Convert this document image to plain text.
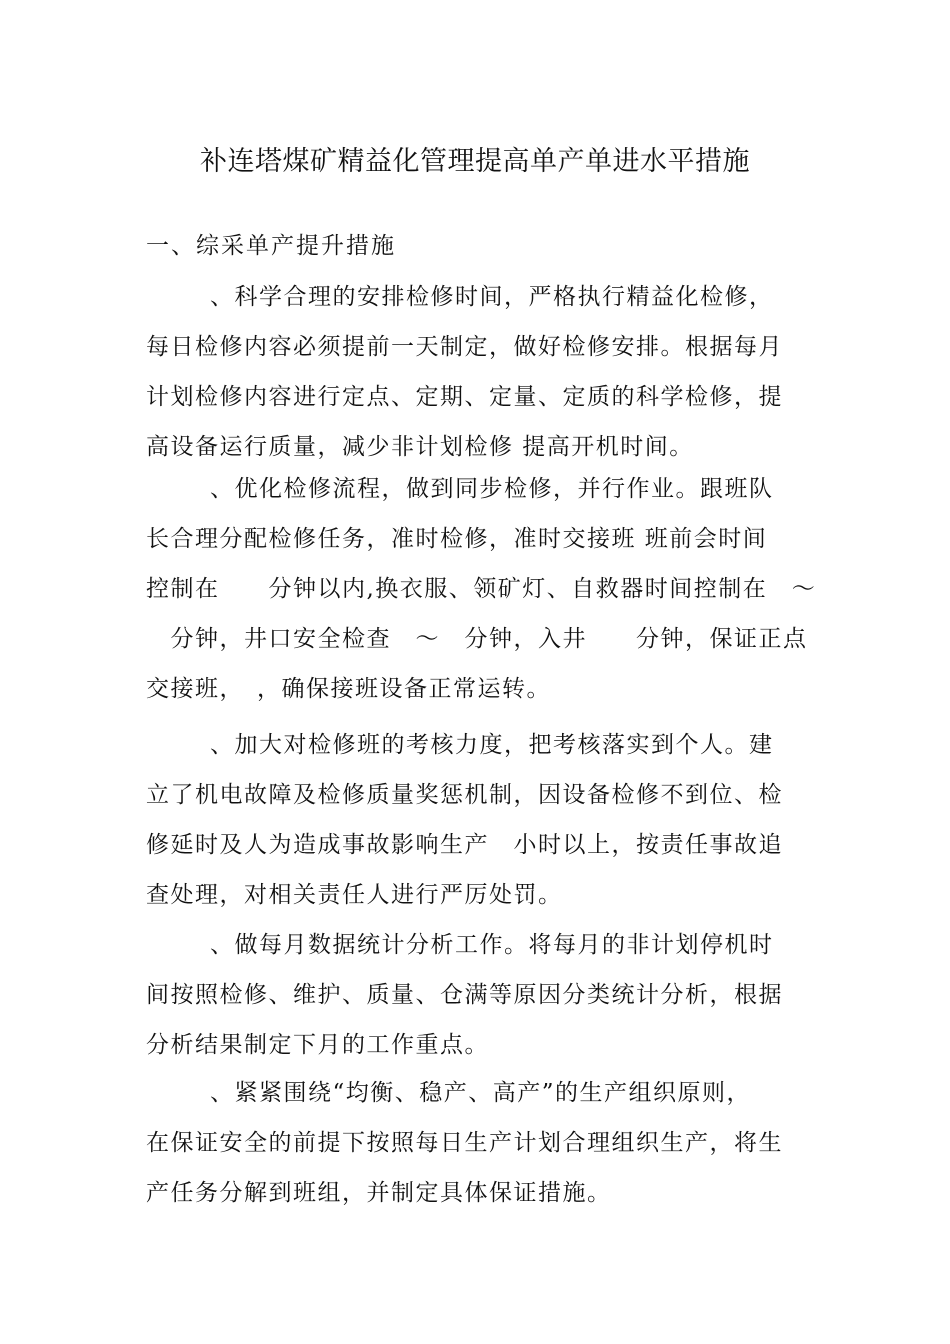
补连塔煤矿精益化管理提高单产单进水平措施
一、综采单产提升措施
、科学合理的安排检修时间，严格执行精益化检修，
每日检修内容必须提前一天制定，做好检修安排。根据每月
计划检修内容进行定点、定期、定量、定质的科学检修，提
高设备运行质量，减少非计划检修 提高开机时间。
、优化检修流程，做到同步检修，并行作业。跟班队
长合理分配检修任务，准时检修，准时交接班 班前会时间
控制在　　分钟以内,换衣服、领矿灯、自救器时间控制在　～
　分钟，井口安全检查　～　分钟，入井　　分钟，保证正点
交接班，　，确保接班设备正常运转。
、加大对检修班的考核力度，把考核落实到个人。建
立了机电故障及检修质量奖惩机制，因设备检修不到位、检
修延时及人为造成事故影响生产　小时以上，按责任事故追
查处理，对相关责任人进行严厉处罚。
、做每月数据统计分析工作。将每月的非计划停机时
间按照检修、维护、质量、仓满等原因分类统计分析，根据
分析结果制定下月的工作重点。
、紧紧围绕“均衡、稳产、高产”的生产组织原则，
在保证安全的前提下按照每日生产计划合理组织生产，将生
产任务分解到班组，并制定具体保证措施。
